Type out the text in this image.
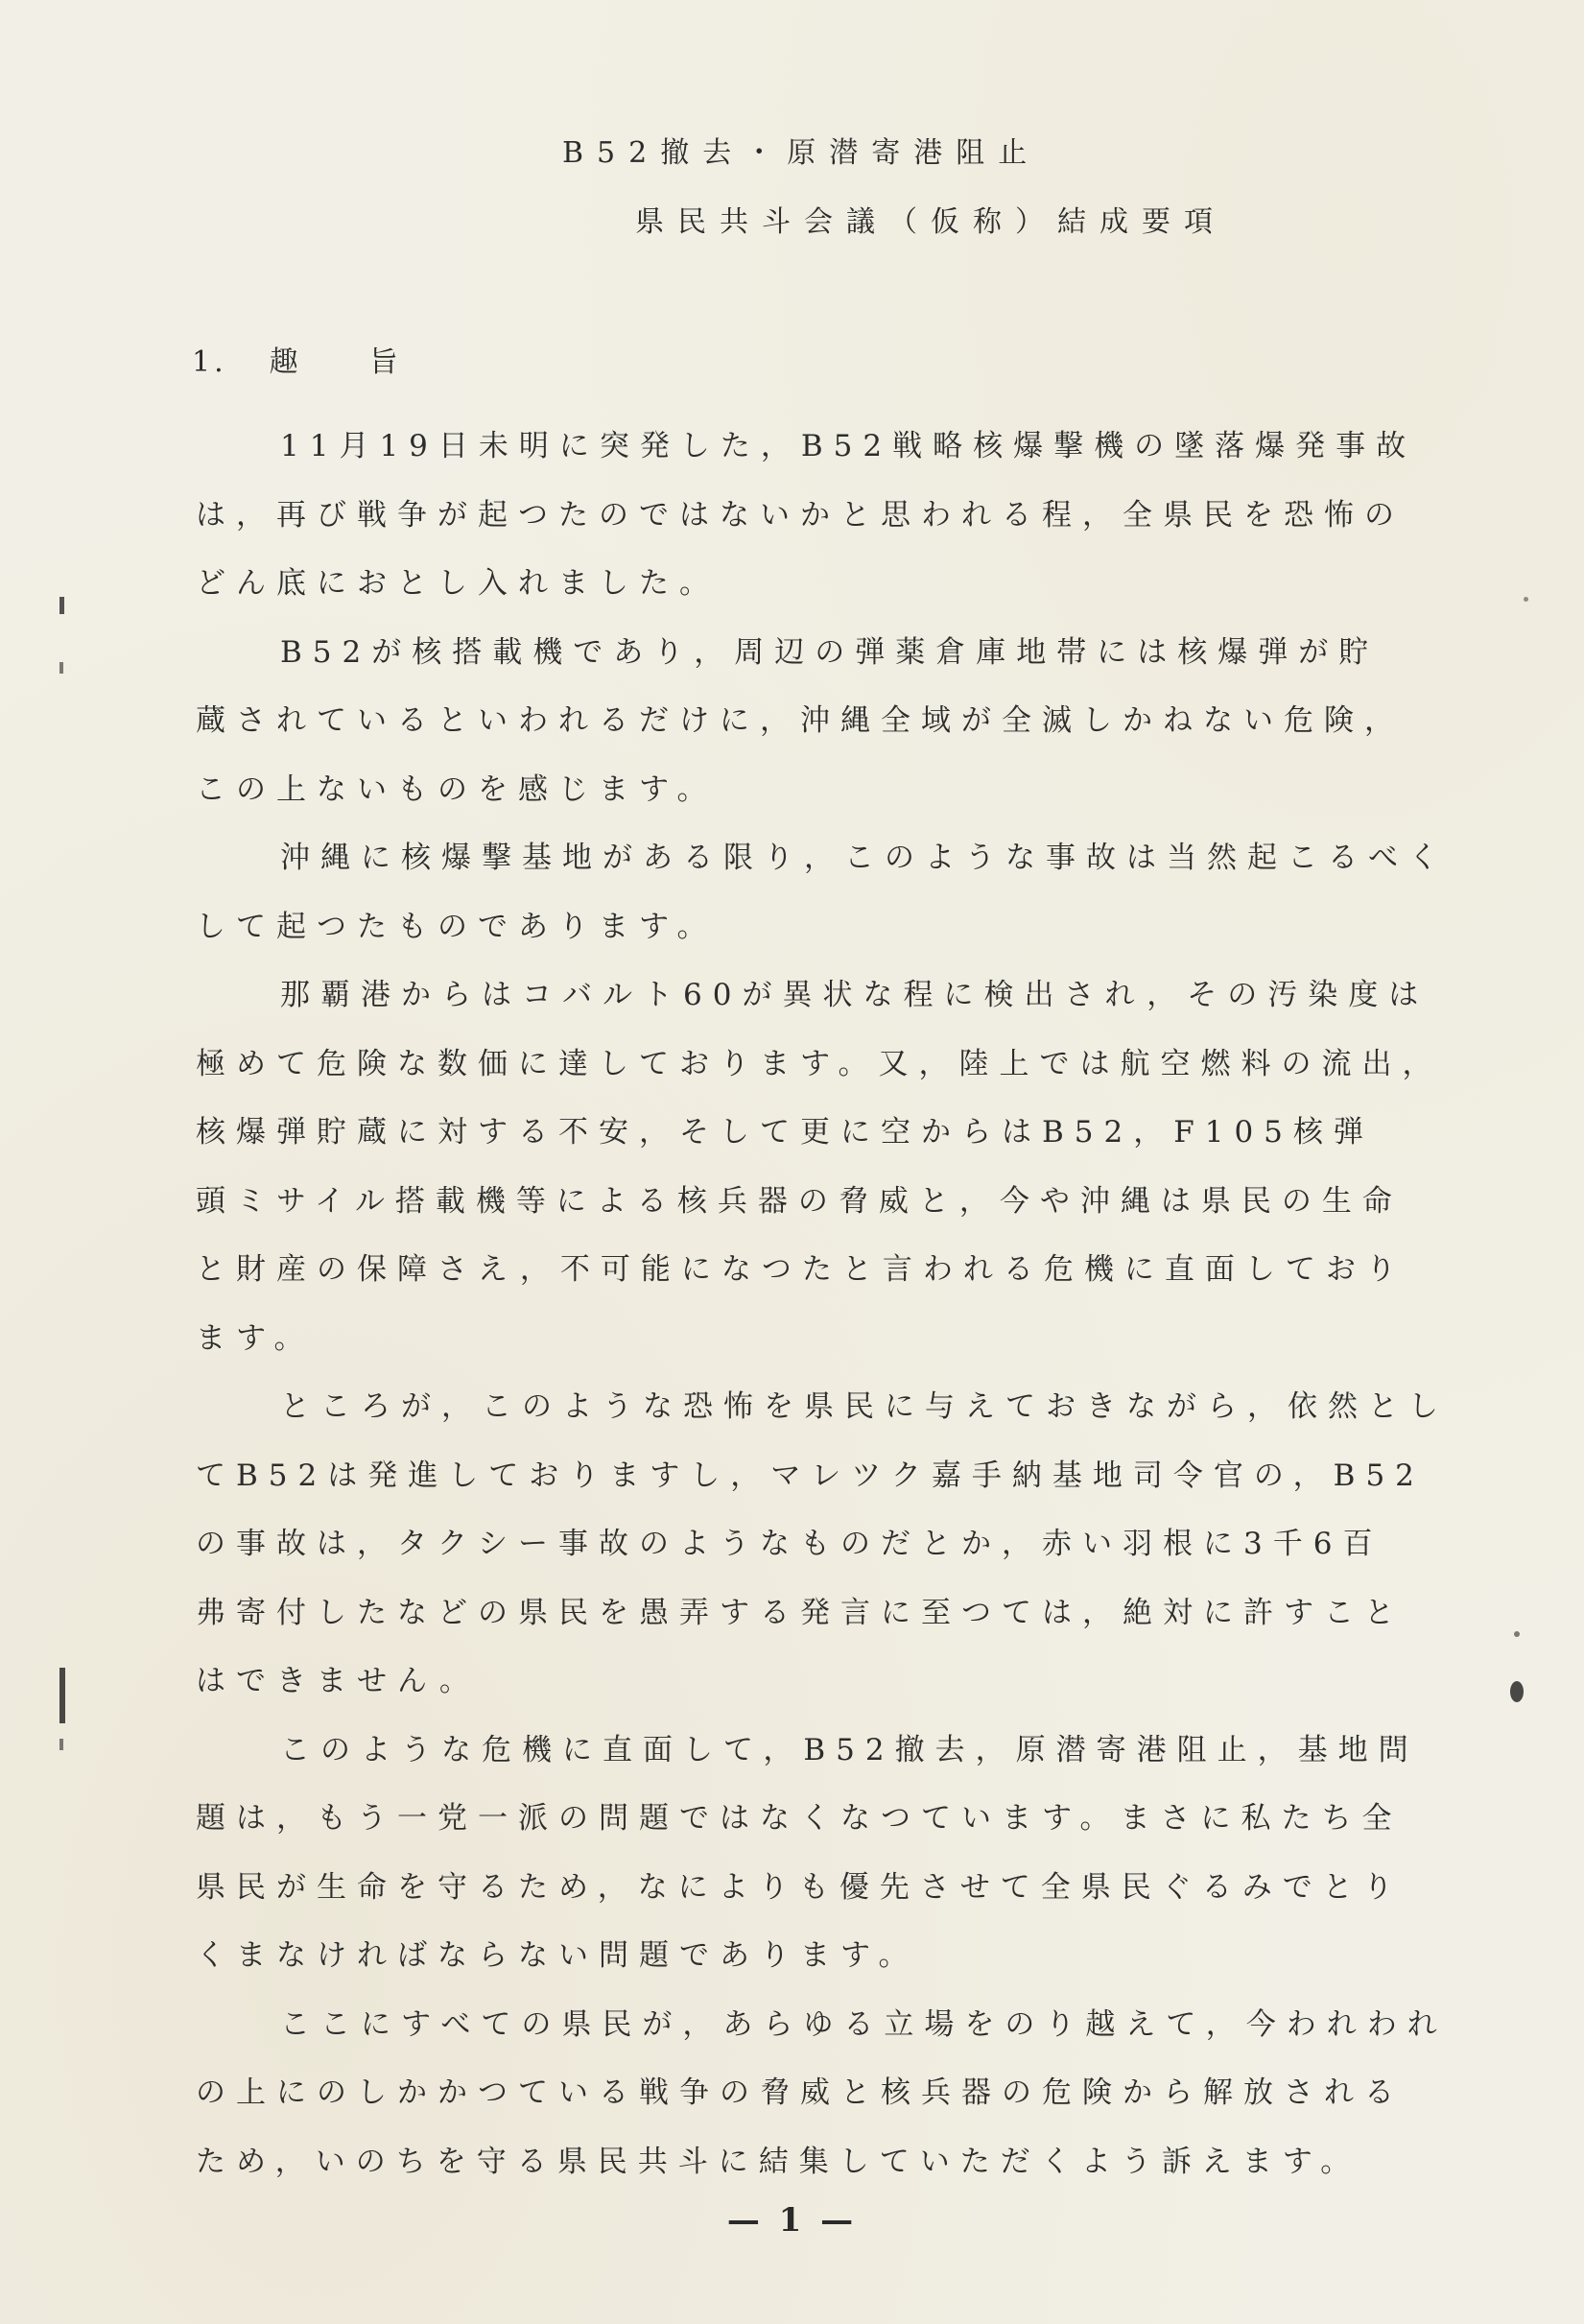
B52撤去・原潜寄港阻止
県民共斗会議（仮称）結成要項
1. 趣 旨

11月19日未明に突発した，B52戦略核爆撃機の墜落爆発事故
は，再び戦争が起つたのではないかと思われる程，全県民を恐怖の
どん底におとし入れました。

B52が核搭載機であり，周辺の弾薬倉庫地帯には核爆弾が貯
蔵されているといわれるだけに，沖縄全域が全滅しかねない危険，
この上ないものを感じます。

沖縄に核爆撃基地がある限り，このような事故は当然起こるべく
して起つたものであります。

那覇港からはコバルト60が異状な程に検出され，その汚染度は
極めて危険な数価に達しております。又，陸上では航空燃料の流出，
核爆弾貯蔵に対する不安，そして更に空からはB52，F105核弾
頭ミサイル搭載機等による核兵器の脅威と，今や沖縄は県民の生命
と財産の保障さえ，不可能になつたと言われる危機に直面しており
ます。

ところが，このような恐怖を県民に与えておきながら，依然とし
てB52は発進しておりますし，マレツク嘉手納基地司令官の，B52
の事故は，タクシー事故のようなものだとか，赤い羽根に3千6百
弗寄付したなどの県民を愚弄する発言に至つては，絶対に許すこと
はできません。

このような危機に直面して，B52撤去，原潜寄港阻止，基地問
題は，もう一党一派の問題ではなくなつています。まさに私たち全
県民が生命を守るため，なによりも優先させて全県民ぐるみでとり
くまなければならない問題であります。

ここにすべての県民が，あらゆる立場をのり越えて，今われわれ
の上にのしかかつている戦争の脅威と核兵器の危険から解放される
ため，いのちを守る県民共斗に結集していただくよう訴えます。

— 1 —
